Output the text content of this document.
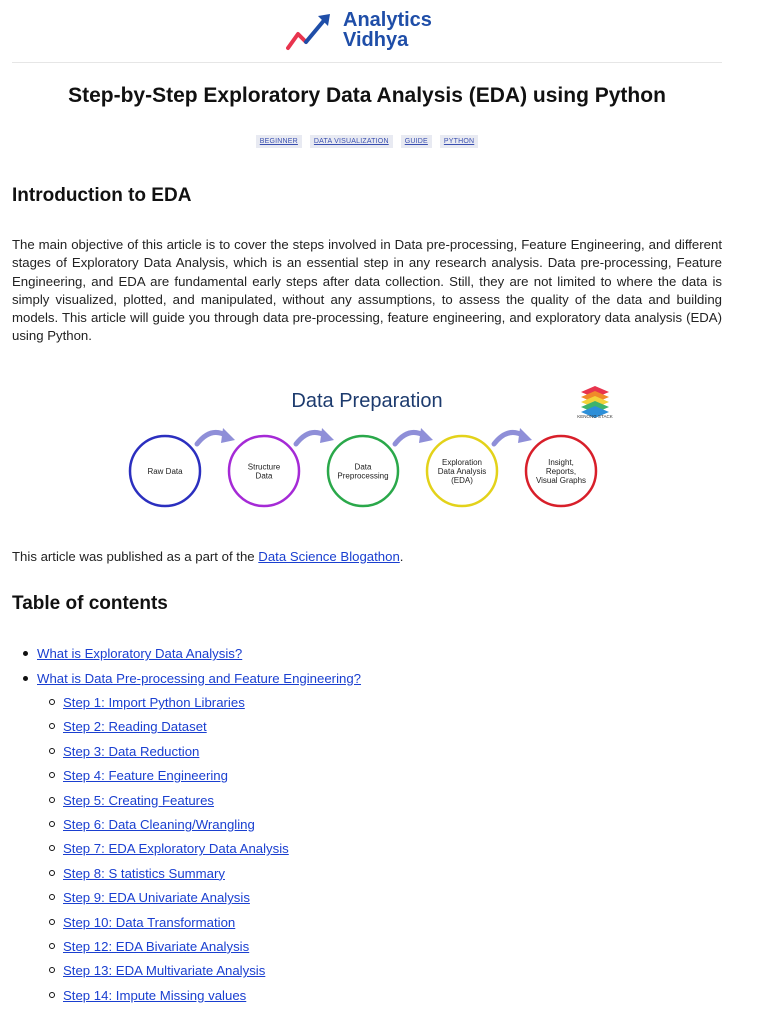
Analytics
Vidhya
Step-by-Step Exploratory Data Analysis (EDA) using Python
BEGINNER DATA VISUALIZATION GUIDE PYTHON
Introduction to EDA

The main objective of this article is to cover the steps involved in Data pre-processing, Feature Engineering, and different stages of Exploratory Data Analysis, which is an essential step in any research analysis. Data pre-processing, Feature Engineering, and EDA are fundamental early steps after data collection. Still, they are not limited to where the data is simply visualized, plotted, and manipulated, without any assumptions, to assess the quality of the data and building models. This article will guide you through data pre-processing, feature engineering, and exploratory data analysis (EDA) using Python.

Data Preparation
KENONG STACK
Raw Data	Structure
Data
Data
Preprocessing
Exploration
Data Analysis
(EDA)
Insight,
Reports,
Visual Graphs

This article was published as a part of the Data Science Blogathon.

Table of contents
What is Exploratory Data Analysis?
What is Data Pre-processing and Feature Engineering?
Step 1: Import Python Libraries
Step 2: Reading Dataset
Step 3: Data Reduction
Step 4: Feature Engineering
Step 5: Creating Features
Step 6: Data Cleaning/Wrangling
Step 7: EDA Exploratory Data Analysis
Step 8: S tatistics Summary
Step 9: EDA Univariate Analysis
Step 10: Data Transformation
Step 12: EDA Bivariate Analysis
Step 13: EDA Multivariate Analysis
Step 14: Impute Missing values
